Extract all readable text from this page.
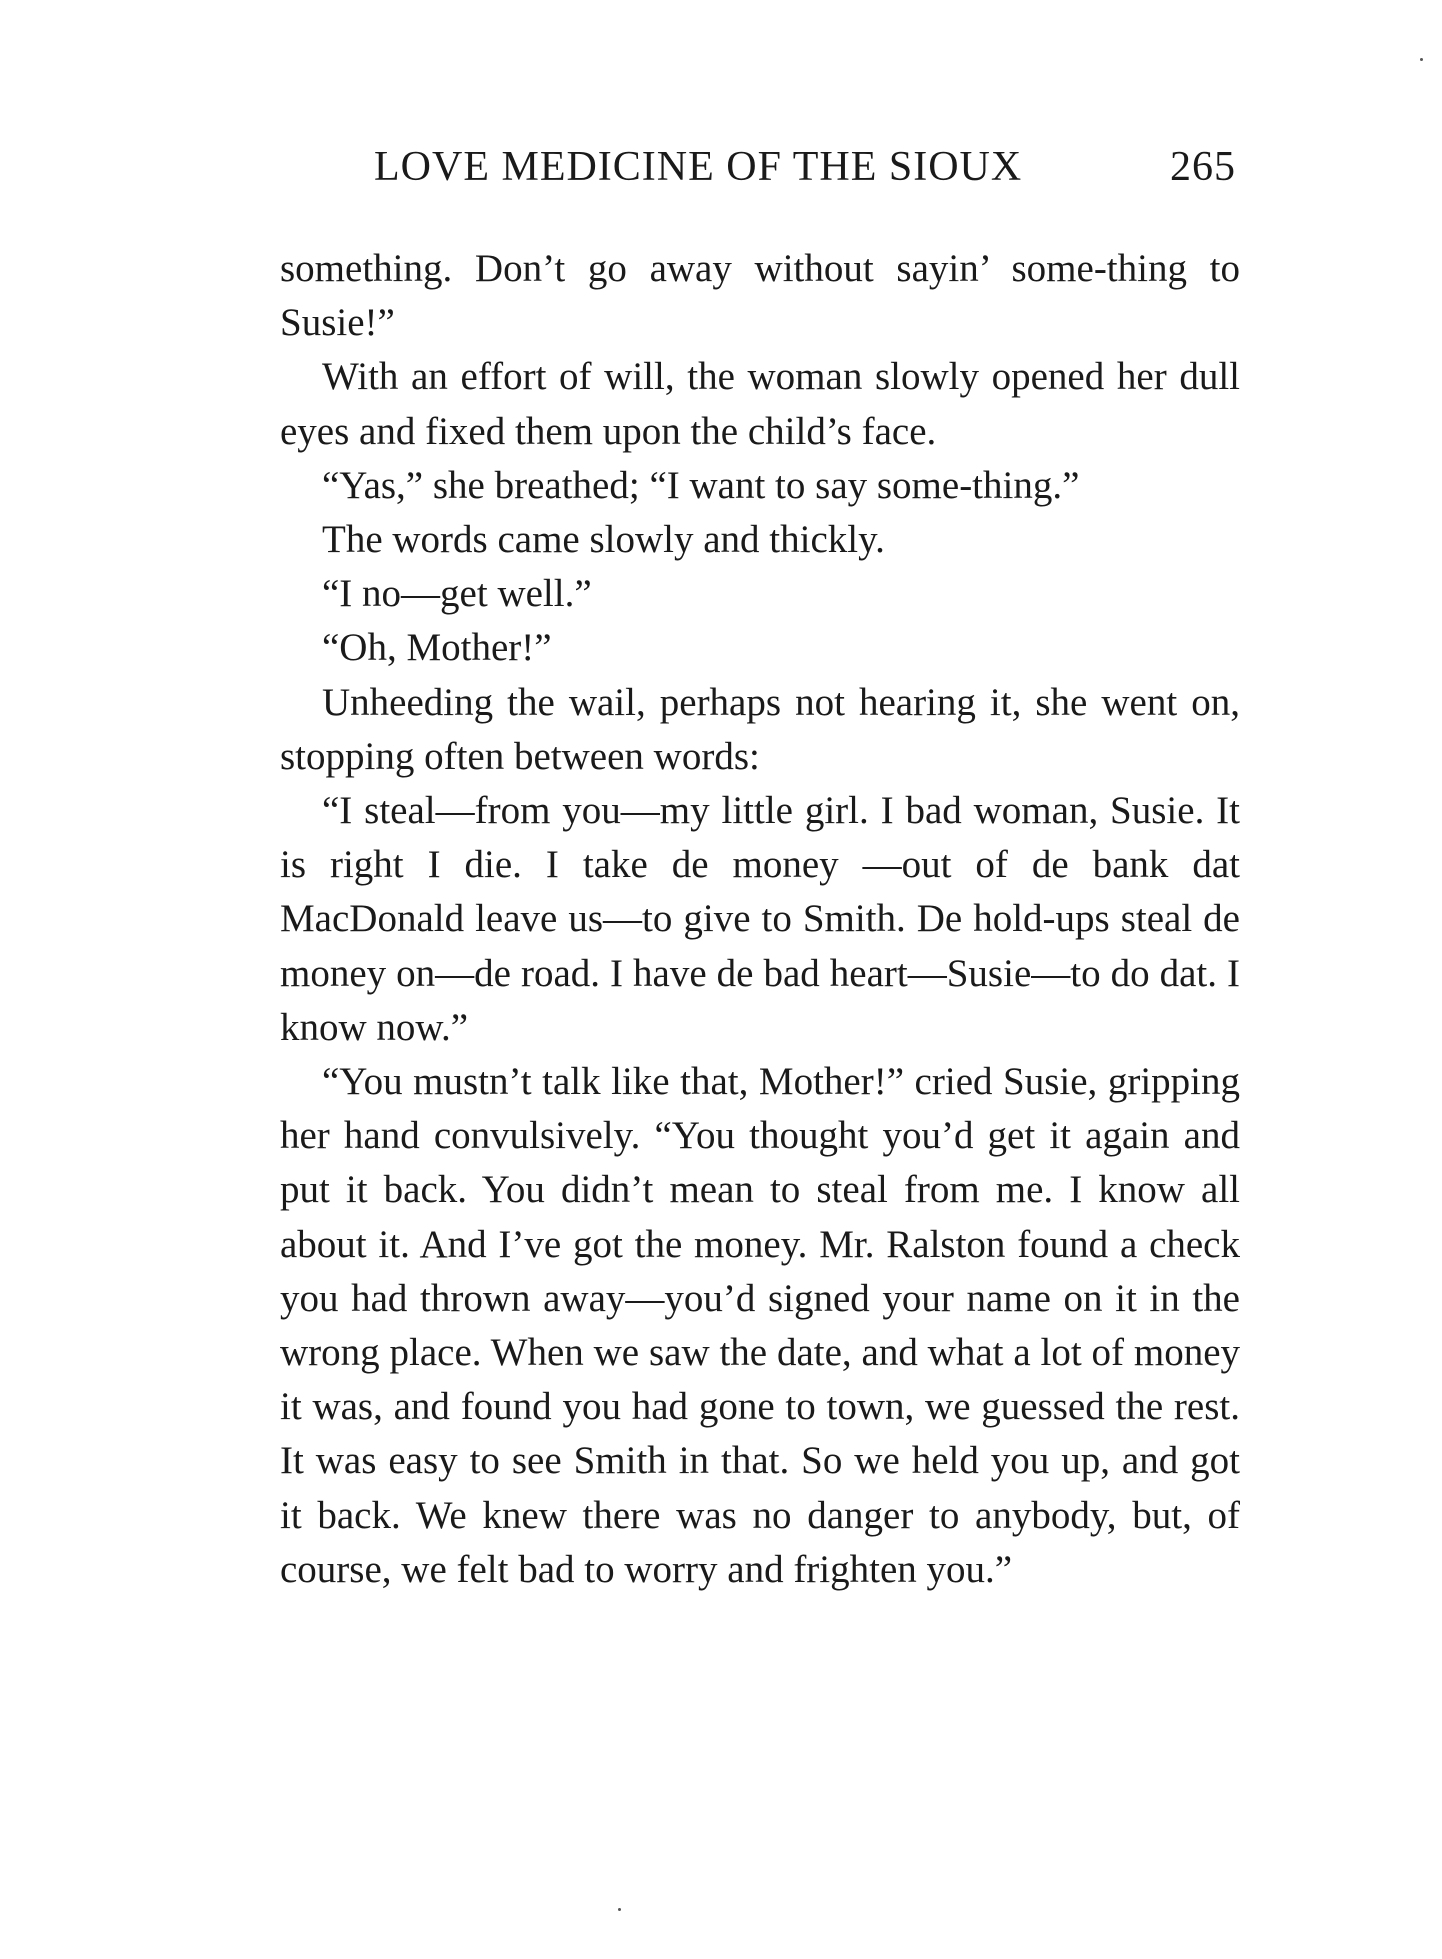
LOVE MEDICINE OF THE SIOUX	265

something. Don’t go away without sayin’ some-thing to Susie!”

With an effort of will, the woman slowly opened her dull eyes and fixed them upon the child’s face.

“Yas,” she breathed; “I want to say some-thing.”

The words came slowly and thickly.

“I no—get well.”

“Oh, Mother!”

Unheeding the wail, perhaps not hearing it, she went on, stopping often between words:

“I steal—from you—my little girl. I bad woman, Susie. It is right I die. I take de money —out of de bank dat MacDonald leave us—to give to Smith. De hold-ups steal de money on—de road. I have de bad heart—Susie—to do dat. I know now.”

“You mustn’t talk like that, Mother!” cried Susie, gripping her hand convulsively. “You thought you’d get it again and put it back. You didn’t mean to steal from me. I know all about it. And I’ve got the money. Mr. Ralston found a check you had thrown away—you’d signed your name on it in the wrong place. When we saw the date, and what a lot of money it was, and found you had gone to town, we guessed the rest. It was easy to see Smith in that. So we held you up, and got it back. We knew there was no danger to anybody, but, of course, we felt bad to worry and frighten you.”
